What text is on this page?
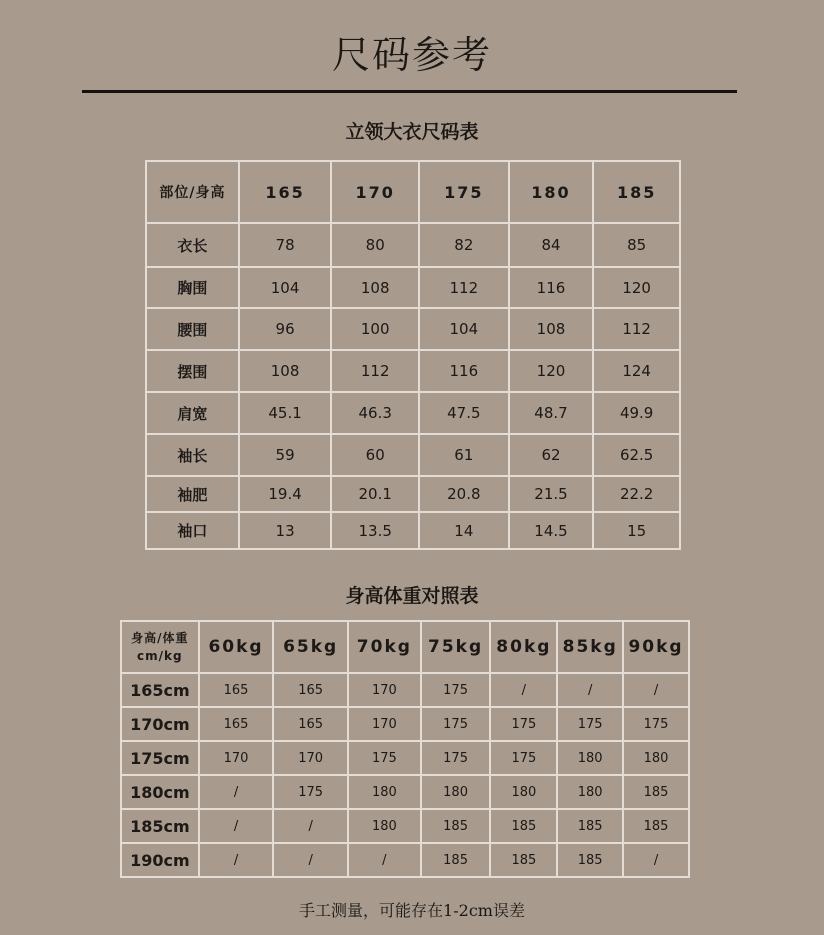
尺码参考
立领大衣尺码表
部位/身高	165	170	175	180	185
衣长	78	80	82	84	85
胸围	104	108	112	116	120
腰围	96	100	104	108	112
摆围	108	112	116	120	124
肩宽	45.1	46.3	47.5	48.7	49.9
袖长	59	60	61	62	62.5
袖肥	19.4	20.1	20.8	21.5	22.2
袖口	13	13.5	14	14.5	15
身高体重对照表
身高/体重
cm/kg	60kg	65kg	70kg	75kg	80kg	85kg	90kg
165cm	165	165	170	175	/	/	/
170cm	165	165	170	175	175	175	175
175cm	170	170	175	175	175	180	180
180cm	/	175	180	180	180	180	185
185cm	/	/	180	185	185	185	185
190cm	/	/	/	185	185	185	/
手工测量，可能存在1-2cm误差
